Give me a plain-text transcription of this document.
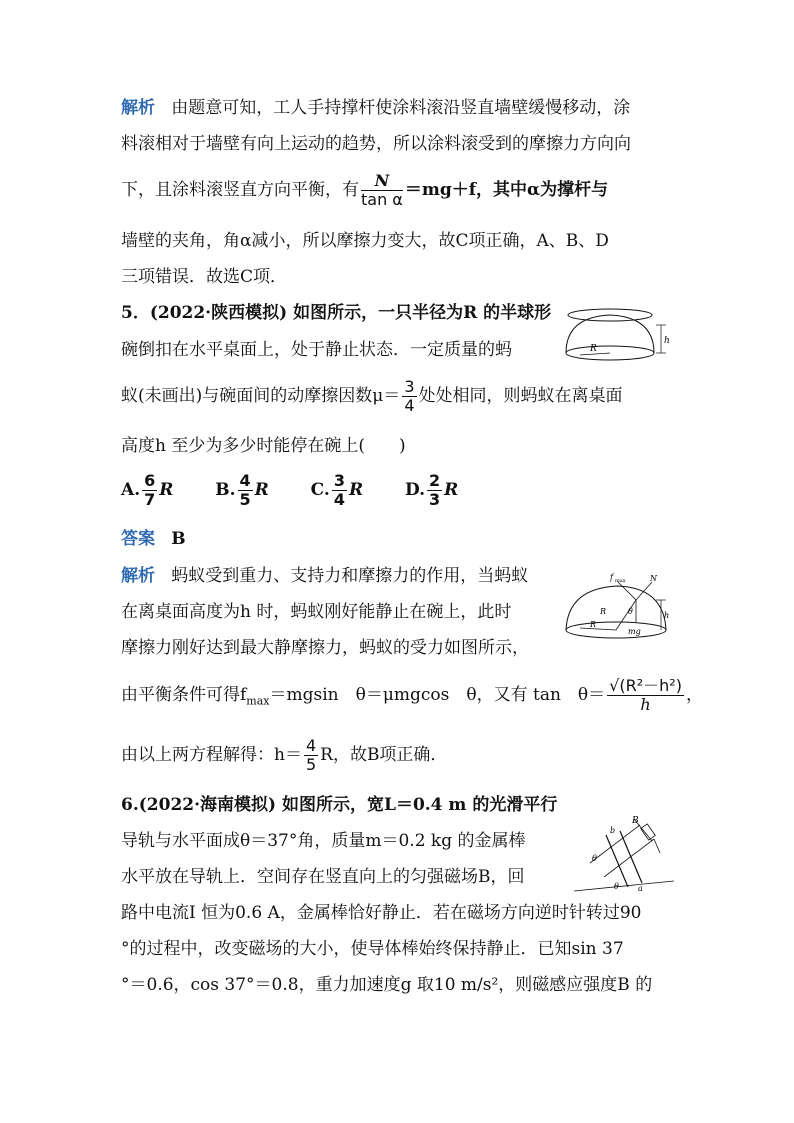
解析 由题意可知，工人手持撑杆使涂料滚沿竖直墙壁缓慢移动，涂
料滚相对于墙壁有向上运动的趋势，所以涂料滚受到的摩擦力方向向
下，且涂料滚竖直方向平衡，有 $\frac{N}{\text{tan α}} =mg+f$，其中α为撑杆与
墙壁的夹角，角α减小，所以摩擦力变大，故C项正确，A、B、D
三项错误．故选C项．
5．(2022·陕西模拟) 如图所示，一只半径为R 的半球形
碗倒扣在水平桌面上，处于静止状态．一定质量的蚂
蚁(未画出)与碗面间的动摩擦因数$\mu= \frac{3}{4}$ 处处相同，则蚂蚁在离桌面
高度h 至少为多少时能停在碗上(　　)
A. $\frac{6}{7}$ R B. $\frac{4}{5}$ R C. $\frac{3}{4}$ R D. $\frac{2}{3}$ R
答案 B
解析 蚂蚁受到重力、支持力和摩擦力的作用，当蚂蚁
在离桌面高度为h 时，蚂蚁刚好能静止在碗上，此时
摩擦力刚好达到最大静摩擦力，蚂蚁的受力如图所示，
由平衡条件可得$f_{max}=mgsin$　θ＝μmgcos　θ，又有 tan　$\theta= \frac{\text{√(R²－h²)}}{h}$ ，
由以上两方程解得：$h= \frac{4}{5}$ R，故B项正确．
6.(2022·海南模拟) 如图所示，宽L＝0.4 m 的光滑平行
导轨与水平面成θ＝37°角，质量m＝0.2 kg 的金属棒
水平放在导轨上．空间存在竖直向上的匀强磁场B，回
路中电流I 恒为0.6 A，金属棒恰好静止．若在磁场方向逆时针转过90
°的过程中，改变磁场的大小，使导体棒始终保持静止．已知sin 37
°＝0.6，cos 37°＝0.8，重力加速度g 取10 m/s²，则磁感应强度B 的
R
h
f max	N
R
R
θ	h
mg
B
b
a
θ
θ
